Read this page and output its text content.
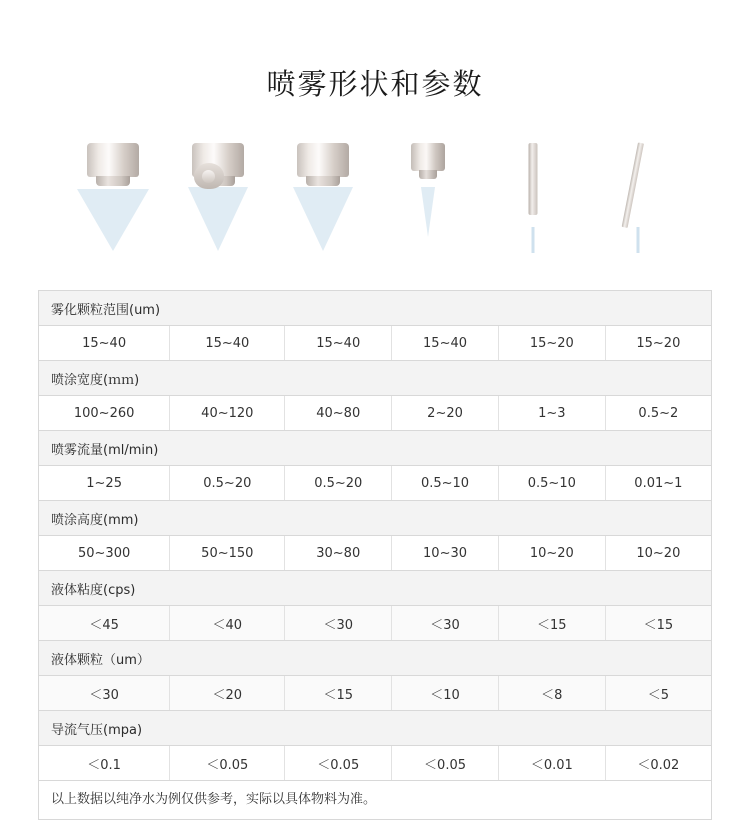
喷雾形状和参数
雾化颗粒范围(um)					
15~40	15~40	15~40	15~40	15~20	15~20
喷涂宽度(ｍｍ)					
100~260	40~120	40~80	2~20	1~3	0.5~2
喷雾流量(ml/min)					
1~25	0.5~20	0.5~20	0.5~10	0.5~10	0.01~1
喷涂高度(mm)					
50~300	50~150	30~80	10~30	10~20	10~20
液体粘度(cps)					
＜45	＜40	＜30	＜30	＜15	＜15
液体颗粒（um）					
＜30	＜20	＜15	＜10	＜8	＜5
导流气压(mpa)					
＜0.1	＜0.05	＜0.05	＜0.05	＜0.01	＜0.02
以上数据以纯净水为例仅供参考，实际以具体物料为准。
